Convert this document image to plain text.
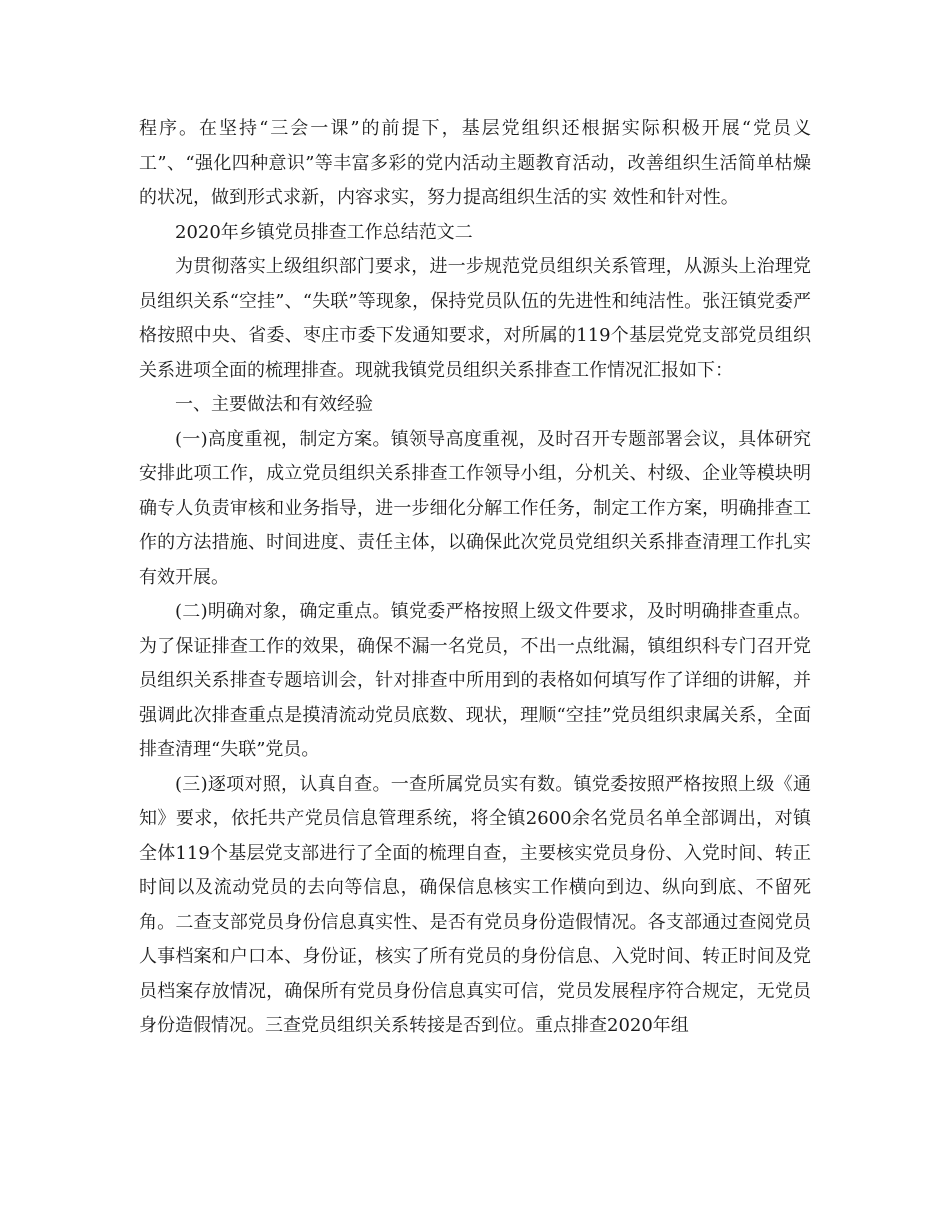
程序。在坚持“三会一课”的前提下，基层党组织还根据实际积极开展“党员义工”、“强化四种意识”等丰富多彩的党内活动主题教育活动，改善组织生活简单枯燥的状况，做到形式求新，内容求实，努力提高组织生活的实 效性和针对性。

2020年乡镇党员排查工作总结范文二

为贯彻落实上级组织部门要求，进一步规范党员组织关系管理，从源头上治理党员组织关系“空挂”、“失联”等现象，保持党员队伍的先进性和纯洁性。张汪镇党委严格按照中央、省委、枣庄市委下发通知要求，对所属的119个基层党党支部党员组织关系进项全面的梳理排查。现就我镇党员组织关系排查工作情况汇报如下：

一、主要做法和有效经验

(一)高度重视，制定方案。镇领导高度重视，及时召开专题部署会议，具体研究安排此项工作，成立党员组织关系排查工作领导小组，分机关、村级、企业等模块明确专人负责审核和业务指导，进一步细化分解工作任务，制定工作方案，明确排查工作的方法措施、时间进度、责任主体，以确保此次党员党组织关系排查清理工作扎实有效开展。

(二)明确对象，确定重点。镇党委严格按照上级文件要求，及时明确排查重点。为了保证排查工作的效果，确保不漏一名党员，不出一点纰漏，镇组织科专门召开党员组织关系排查专题培训会，针对排查中所用到的表格如何填写作了详细的讲解，并强调此次排查重点是摸清流动党员底数、现状，理顺“空挂”党员组织隶属关系，全面排查清理“失联”党员。

(三)逐项对照，认真自查。一查所属党员实有数。镇党委按照严格按照上级《通知》要求，依托共产党员信息管理系统，将全镇2600余名党员名单全部调出，对镇全体119个基层党支部进行了全面的梳理自查，主要核实党员身份、入党时间、转正时间以及流动党员的去向等信息，确保信息核实工作横向到边、纵向到底、不留死角。二查支部党员身份信息真实性、是否有党员身份造假情况。各支部通过查阅党员人事档案和户口本、身份证，核实了所有党员的身份信息、入党时间、转正时间及党员档案存放情况，确保所有党员身份信息真实可信，党员发展程序符合规定，无党员身份造假情况。三查党员组织关系转接是否到位。重点排查2020年组
